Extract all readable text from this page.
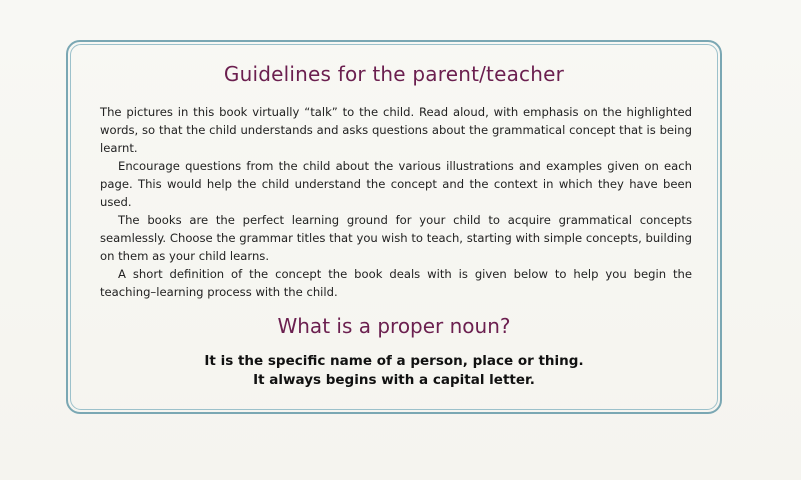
Guidelines for the parent/teacher

The pictures in this book virtually “talk” to the child. Read aloud, with emphasis on the highlighted words, so that the child understands and asks questions about the grammatical concept that is being learnt.

Encourage questions from the child about the various illustrations and examples given on each page. This would help the child understand the concept and the context in which they have been used.

The books are the perfect learning ground for your child to acquire grammatical concepts seamlessly. Choose the grammar titles that you wish to teach, starting with simple concepts, building on them as your child learns.

A short definition of the concept the book deals with is given below to help you begin the teaching–learning process with the child.

What is a proper noun?
It is the specific name of a person, place or thing.
It always begins with a capital letter.
